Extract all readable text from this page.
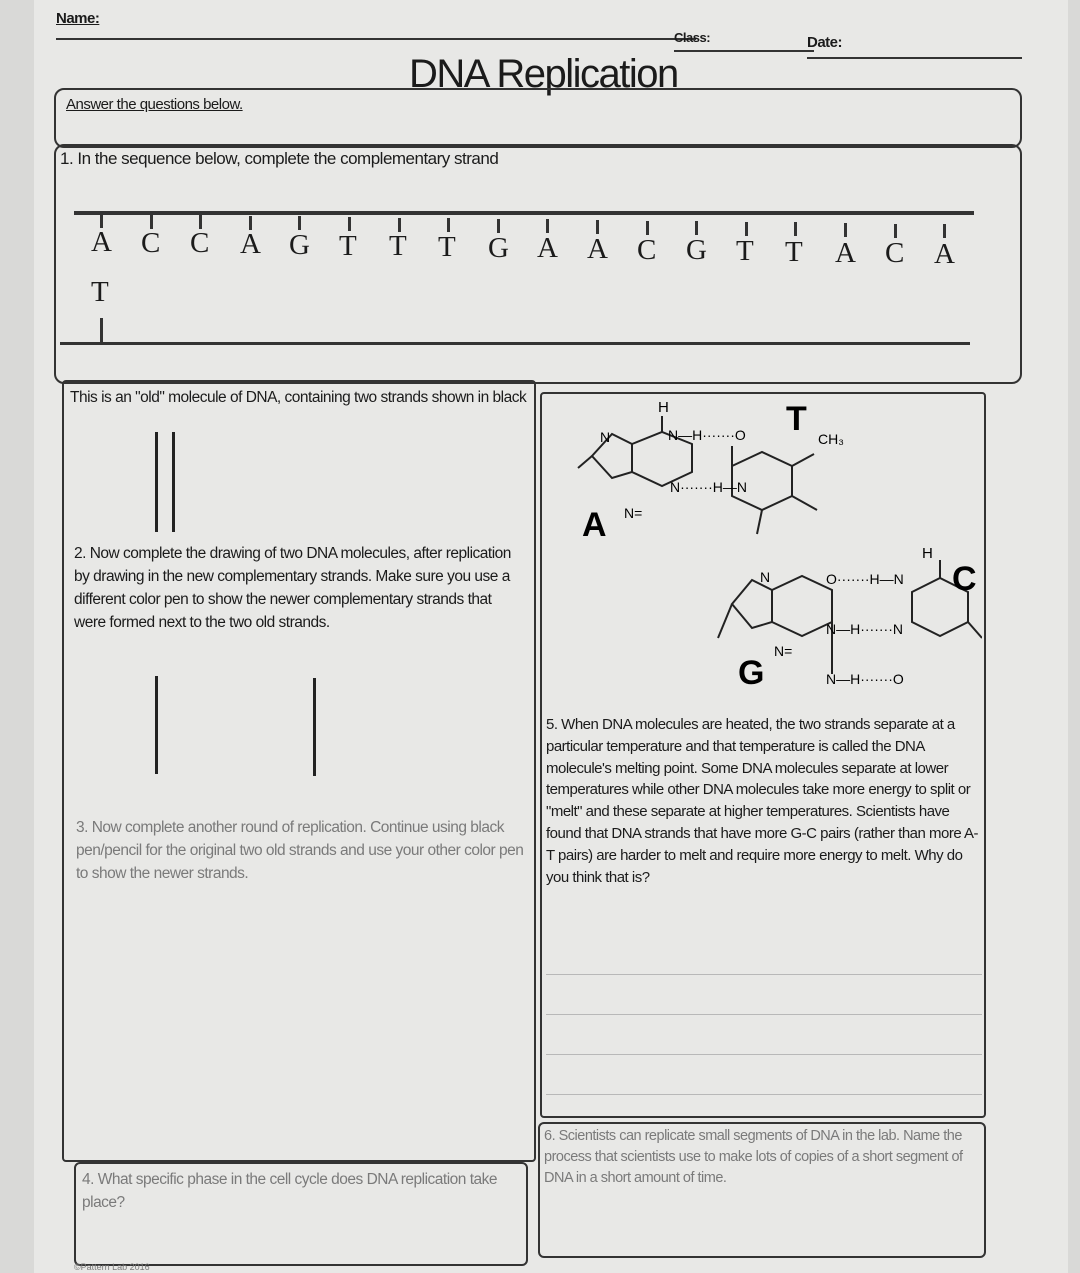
Name:
Class:	Date:
DNA Replication
Answer the questions below.
1. In the sequence below, complete the complementary strand
T
This is an "old" molecule of DNA, containing two strands shown in black
2. Now complete the drawing of two DNA molecules, after replication by drawing in the new complementary strands. Make sure you use a different color pen to show the newer complementary strands that were formed next to the two old strands.
3. Now complete another round of replication. Continue using black pen/pencil for the original two old strands and use your other color pen to show the newer strands.
4. What specific phase in the cell cycle does DNA replication take place?
H
N—H·······O
N·······H—N
N
N=
CH₃
A
T
O·······H—N
N—H·······N
N—H·······O
H
N
N=
G
C
5. When DNA molecules are heated, the two strands separate at a particular temperature and that temperature is called the DNA molecule's melting point. Some DNA molecules separate at lower temperatures while other DNA molecules take more energy to split or "melt" and these separate at higher temperatures. Scientists have found that DNA strands that have more G-C pairs (rather than more A-T pairs) are harder to melt and require more energy to melt. Why do you think that is?
6. Scientists can replicate small segments of DNA in the lab. Name the process that scientists use to make lots of copies of a short segment of DNA in a short amount of time.
©Pattern Lab 2016
A C C A G T T T G A A C G T T A C A
